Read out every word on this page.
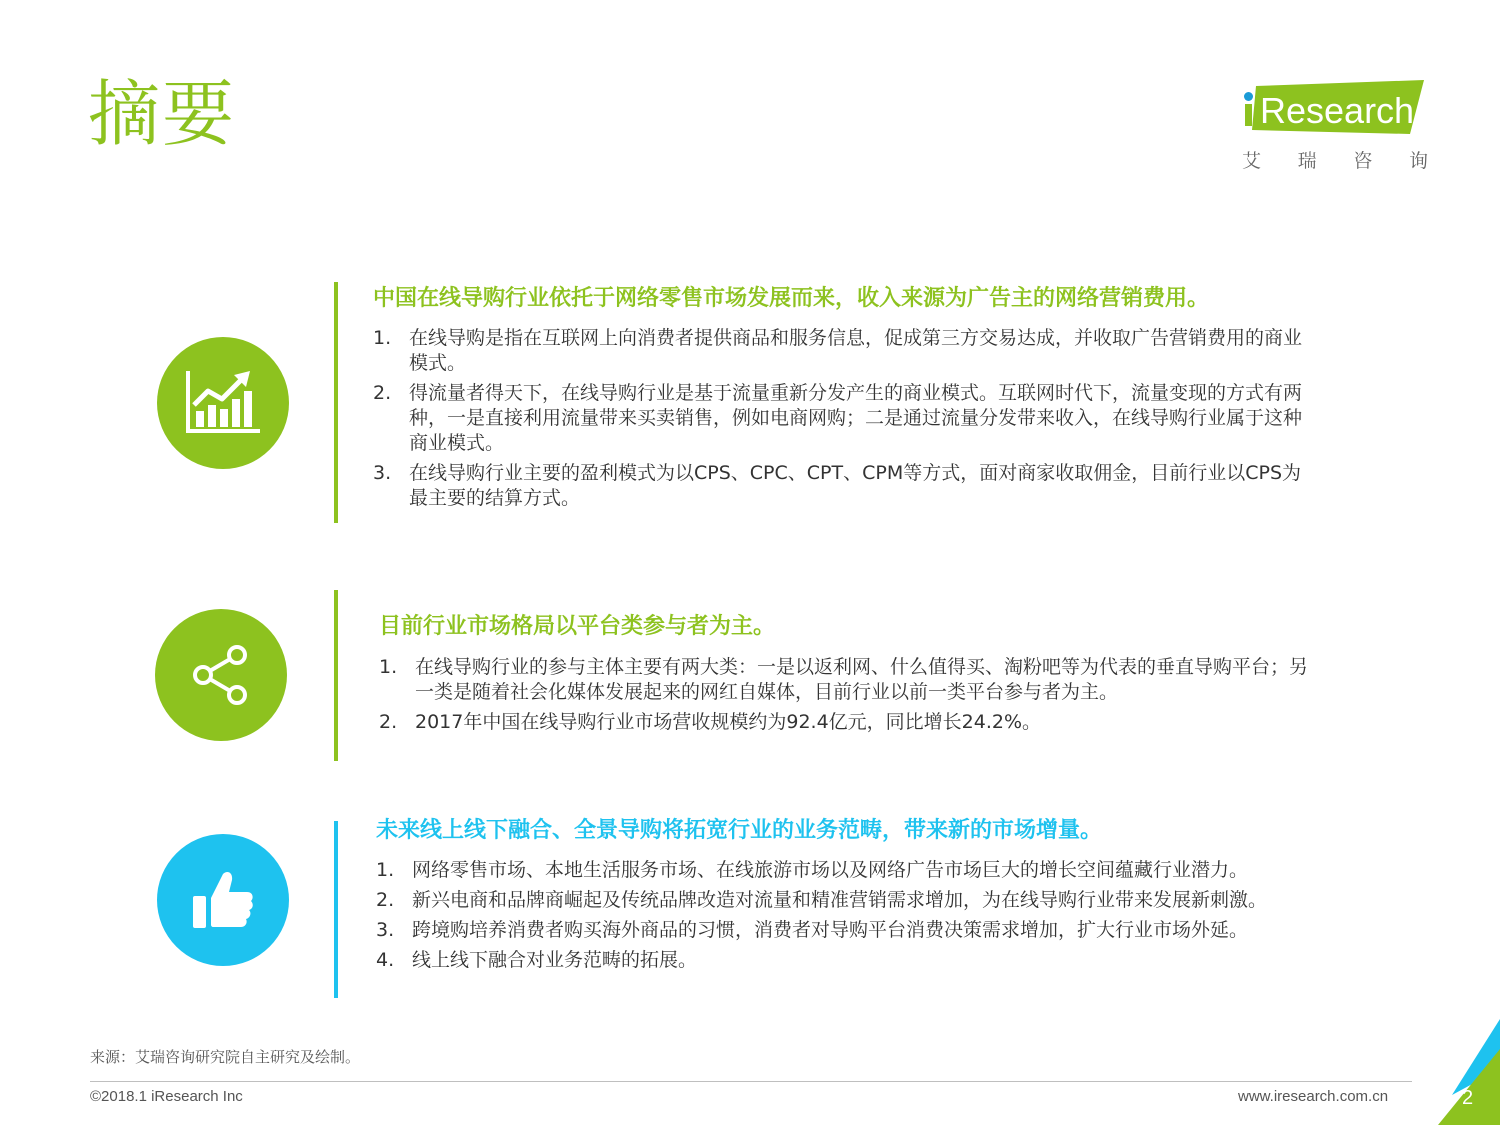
摘要	Research
艾 瑞 咨 询
中国在线导购行业依托于网络零售市场发展而来，收入来源为广告主的网络营销费用。
1. 在线导购是指在互联网上向消费者提供商品和服务信息，促成第三方交易达成，并收取广告营销费用的商业模式。
2. 得流量者得天下，在线导购行业是基于流量重新分发产生的商业模式。互联网时代下，流量变现的方式有两种，一是直接利用流量带来买卖销售，例如电商网购；二是通过流量分发带来收入，在线导购行业属于这种商业模式。
3. 在线导购行业主要的盈利模式为以CPS、CPC、CPT、CPM等方式，面对商家收取佣金，目前行业以CPS为最主要的结算方式。
目前行业市场格局以平台类参与者为主。
1. 在线导购行业的参与主体主要有两大类：一是以返利网、什么值得买、淘粉吧等为代表的垂直导购平台；另一类是随着社会化媒体发展起来的网红自媒体，目前行业以前一类平台参与者为主。
2. 2017年中国在线导购行业市场营收规模约为92.4亿元，同比增长24.2%。
未来线上线下融合、全景导购将拓宽行业的业务范畴，带来新的市场增量。
1. 网络零售市场、本地生活服务市场、在线旅游市场以及网络广告市场巨大的增长空间蕴藏行业潜力。
2. 新兴电商和品牌商崛起及传统品牌改造对流量和精准营销需求增加，为在线导购行业带来发展新刺激。
3. 跨境购培养消费者购买海外商品的习惯，消费者对导购平台消费决策需求增加，扩大行业市场外延。
4. 线上线下融合对业务范畴的拓展。
来源：艾瑞咨询研究院自主研究及绘制。
©2018.1 iResearch Inc	www.iresearch.com.cn	2
